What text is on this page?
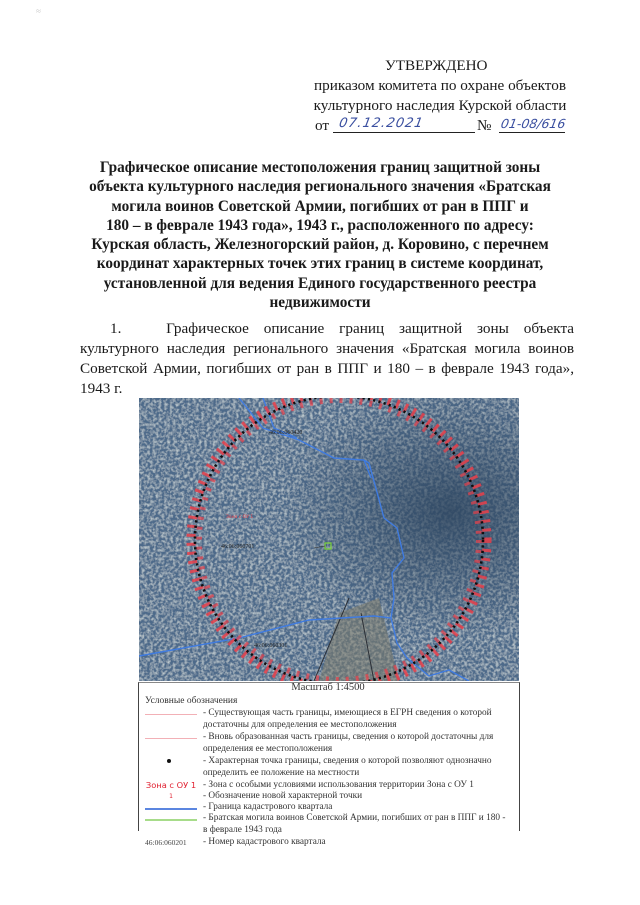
≈
УТВЕРЖДЕНО
приказом комитета по охране объектов
культурного наследия Курской области
от 07.12.2021	№ 01-08/616
Графическое описание местоположения границ защитной зоны
объекта культурного наследия регионального значения «Братская
могила воинов Советской Армии, погибших от ран в ППГ и
180 – в феврале 1943 года», 1943 г., расположенного по адресу:
Курская область, Железногорский район, д. Коровино, с перечнем
координат характерных точек этих границ в системе координат,
установленной для ведения Единого государственного реестра
недвижимости
1.	Графическое описание границ защитной зоны объекта
культурного наследия регионального значения «Братская могила воинов Советской Армии, погибших от ран в ППГ и 180 – в феврале 1943 года», 1943 г.
Зона с ОУ 1
46:06:060420
46:06:060701
46:06:060301
Условные обозначения
- Существующая часть границы, имеющиеся в ЕГРН сведения о которой достаточны для определения ее местоположения
- Вновь образованная часть границы, сведения о которой достаточны для определения ее местоположения
- Характерная точка границы, сведения о которой позволяют однозначно определить ее положение на местности
Зона с ОУ 1 - Зона с особыми условиями использования территории Зона с ОУ 1
1	- Обозначение новой характерной точки
- Граница кадастрового квартала
- Братская могила воинов Советской Армии, погибших от ран в ППГ и 180 - в феврале 1943 года
46:06:060201 - Номер кадастрового квартала
Масштаб 1:4500
